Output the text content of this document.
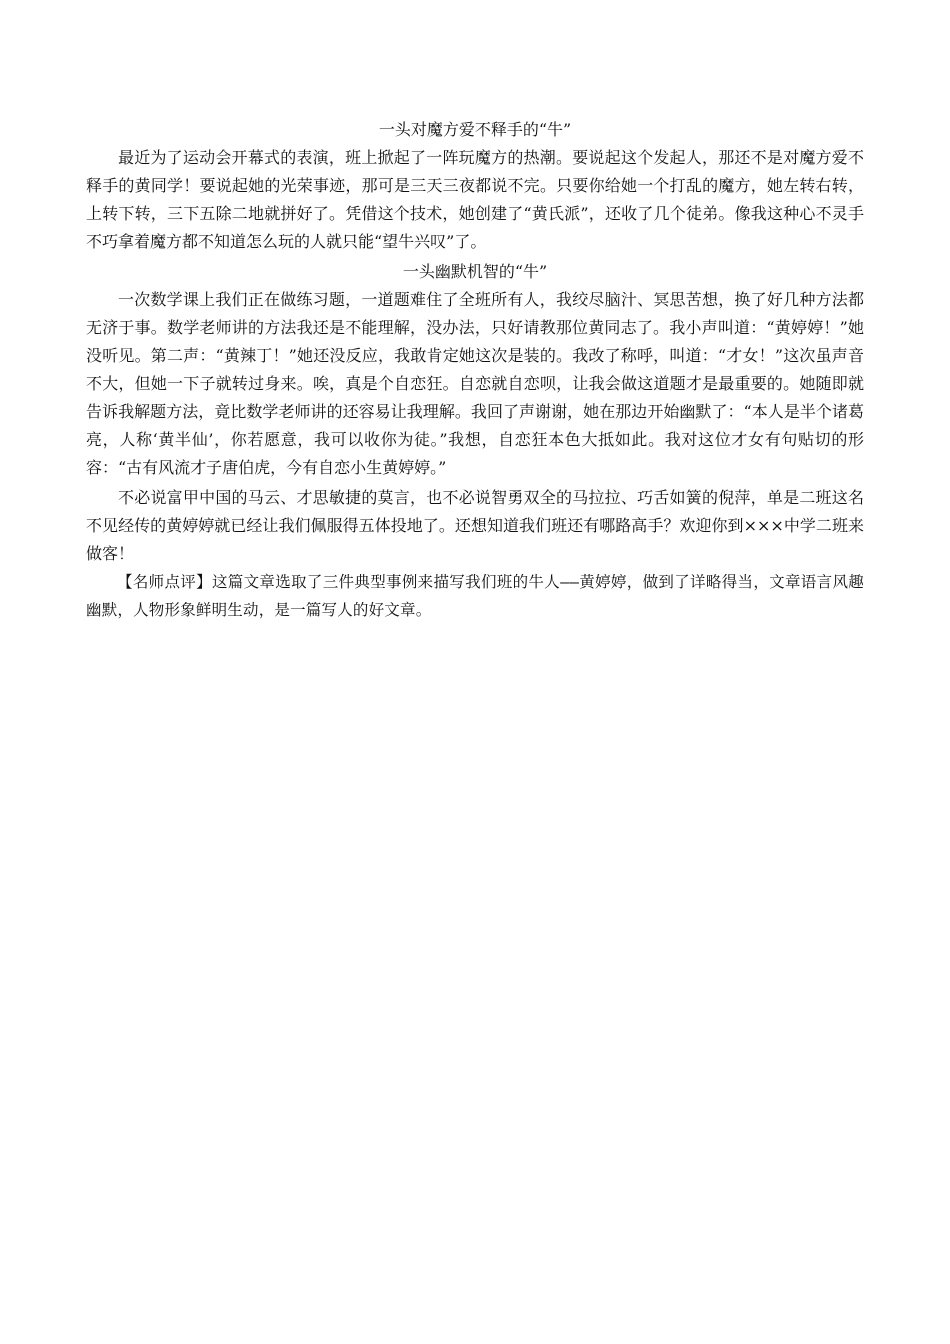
一头对魔方爱不释手的“牛”

最近为了运动会开幕式的表演，班上掀起了一阵玩魔方的热潮。要说起这个发起人，那还不是对魔方爱不释手的黄同学！要说起她的光荣事迹，那可是三天三夜都说不完。只要你给她一个打乱的魔方，她左转右转，上转下转，三下五除二地就拼好了。凭借这个技术，她创建了“黄氏派”，还收了几个徒弟。像我这种心不灵手不巧拿着魔方都不知道怎么玩的人就只能“望牛兴叹”了。

一头幽默机智的“牛”

一次数学课上我们正在做练习题，一道题难住了全班所有人，我绞尽脑汁、冥思苦想，换了好几种方法都无济于事。数学老师讲的方法我还是不能理解，没办法，只好请教那位黄同志了。我小声叫道：“黄婷婷！”她没听见。第二声：“黄辣丁！”她还没反应，我敢肯定她这次是装的。我改了称呼，叫道：“才女！”这次虽声音不大，但她一下子就转过身来。唉，真是个自恋狂。自恋就自恋呗，让我会做这道题才是最重要的。她随即就告诉我解题方法，竟比数学老师讲的还容易让我理解。我回了声谢谢，她在那边开始幽默了：“本人是半个诸葛亮，人称‘黄半仙’，你若愿意，我可以收你为徒。”我想，自恋狂本色大抵如此。我对这位才女有句贴切的形容：“古有风流才子唐伯虎，今有自恋小生黄婷婷。”

不必说富甲中国的马云、才思敏捷的莫言，也不必说智勇双全的马拉拉、巧舌如簧的倪萍，单是二班这名不见经传的黄婷婷就已经让我们佩服得五体投地了。还想知道我们班还有哪路高手？欢迎你到×××中学二班来做客！

【名师点评】这篇文章选取了三件典型事例来描写我们班的牛人——黄婷婷，做到了详略得当，文章语言风趣幽默，人物形象鲜明生动，是一篇写人的好文章。
